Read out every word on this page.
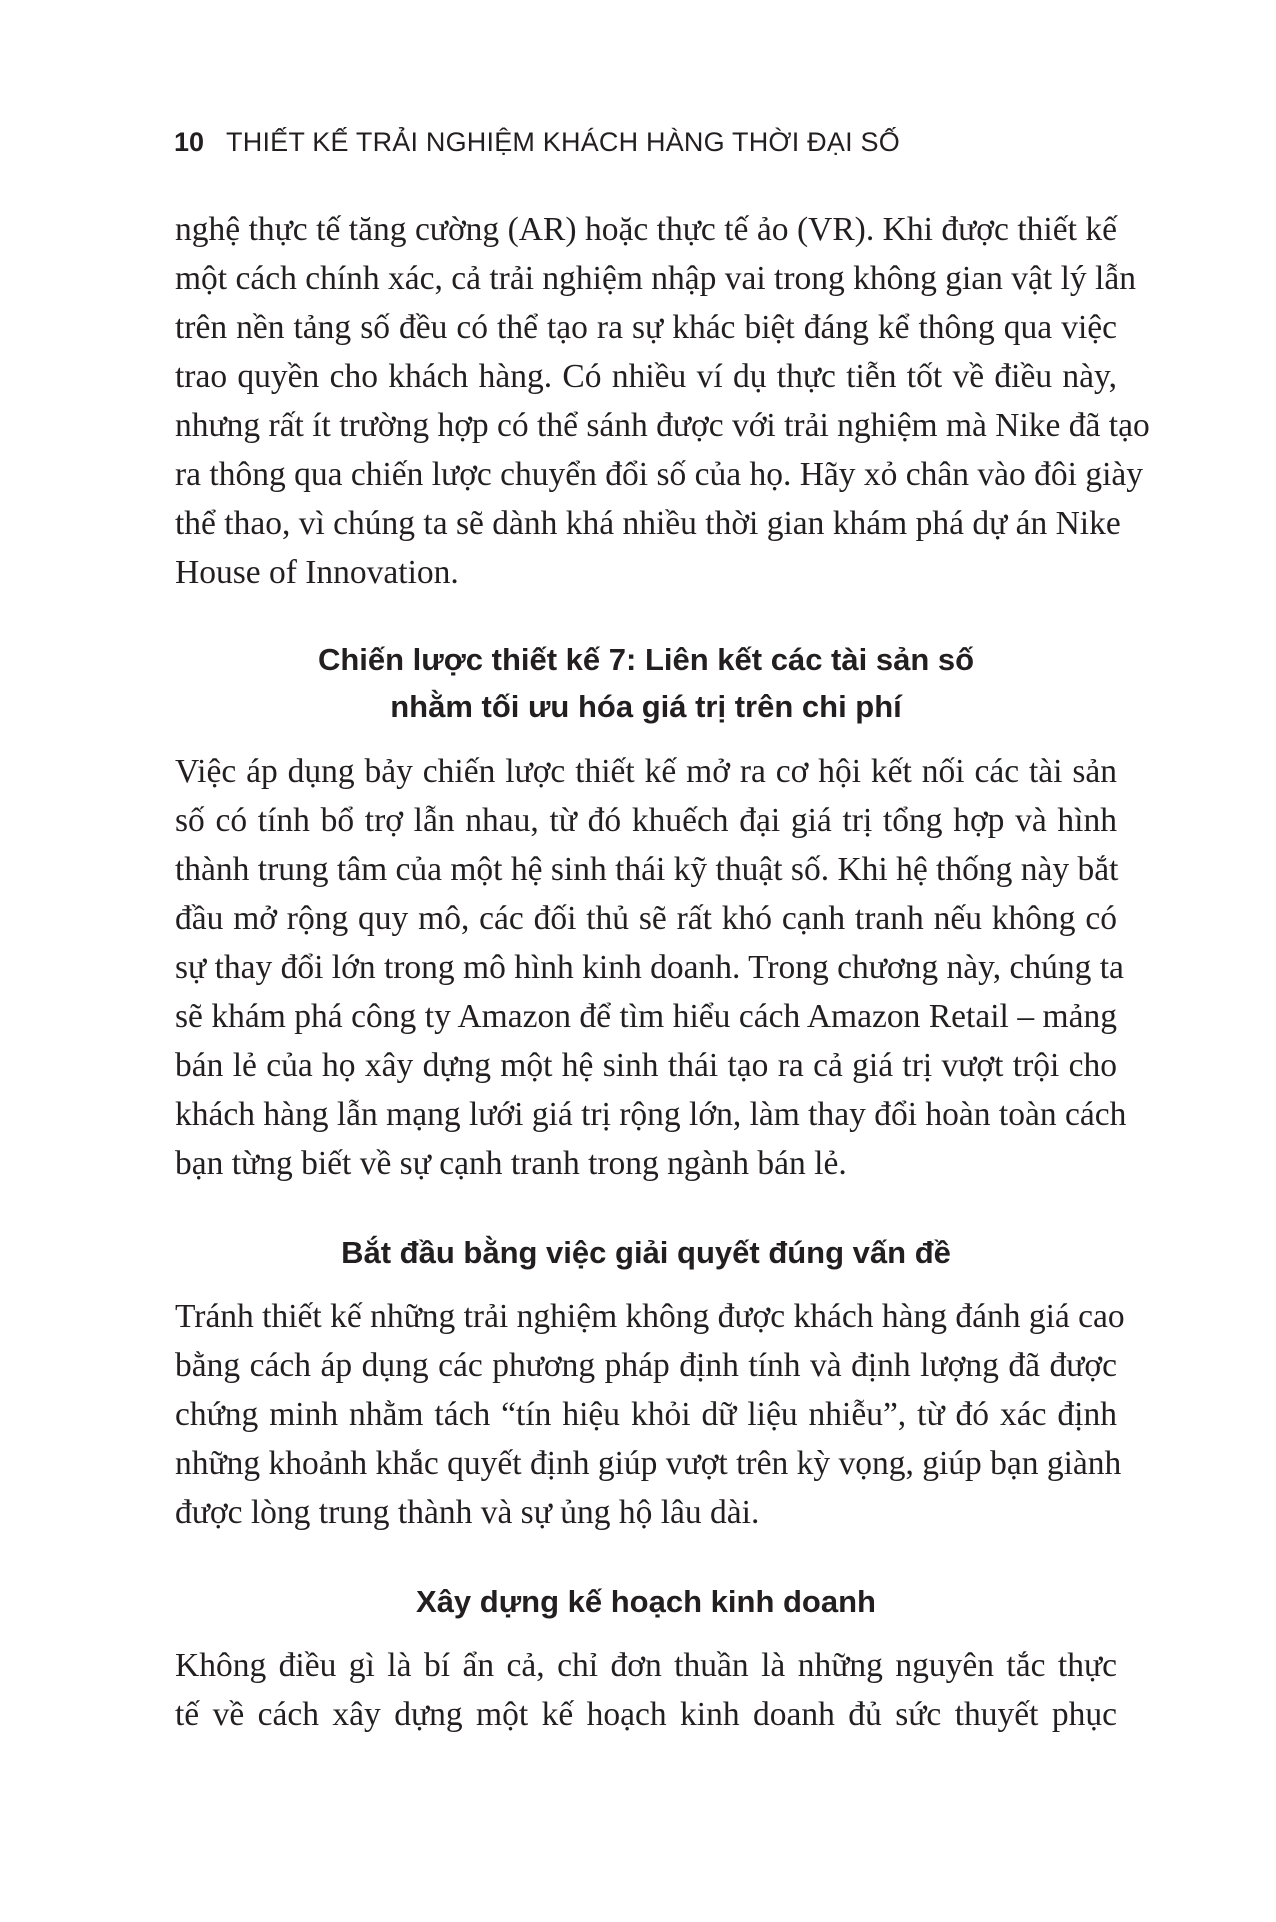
10 THIẾT KẾ TRẢI NGHIỆM KHÁCH HÀNG THỜI ĐẠI SỐ
nghệ thực tế tăng cường (AR) hoặc thực tế ảo (VR). Khi được thiết kế
một cách chính xác, cả trải nghiệm nhập vai trong không gian vật lý lẫn
trên nền tảng số đều có thể tạo ra sự khác biệt đáng kể thông qua việc
trao quyền cho khách hàng. Có nhiều ví dụ thực tiễn tốt về điều này,
nhưng rất ít trường hợp có thể sánh được với trải nghiệm mà Nike đã tạo
ra thông qua chiến lược chuyển đổi số của họ. Hãy xỏ chân vào đôi giày
thể thao, vì chúng ta sẽ dành khá nhiều thời gian khám phá dự án Nike
House of Innovation.
Chiến lược thiết kế 7: Liên kết các tài sản số
nhằm tối ưu hóa giá trị trên chi phí
Việc áp dụng bảy chiến lược thiết kế mở ra cơ hội kết nối các tài sản
số có tính bổ trợ lẫn nhau, từ đó khuếch đại giá trị tổng hợp và hình
thành trung tâm của một hệ sinh thái kỹ thuật số. Khi hệ thống này bắt
đầu mở rộng quy mô, các đối thủ sẽ rất khó cạnh tranh nếu không có
sự thay đổi lớn trong mô hình kinh doanh. Trong chương này, chúng ta
sẽ khám phá công ty Amazon để tìm hiểu cách Amazon Retail – mảng
bán lẻ của họ xây dựng một hệ sinh thái tạo ra cả giá trị vượt trội cho
khách hàng lẫn mạng lưới giá trị rộng lớn, làm thay đổi hoàn toàn cách
bạn từng biết về sự cạnh tranh trong ngành bán lẻ.
Bắt đầu bằng việc giải quyết đúng vấn đề
Tránh thiết kế những trải nghiệm không được khách hàng đánh giá cao
bằng cách áp dụng các phương pháp định tính và định lượng đã được
chứng minh nhằm tách “tín hiệu khỏi dữ liệu nhiễu”, từ đó xác định
những khoảnh khắc quyết định giúp vượt trên kỳ vọng, giúp bạn giành
được lòng trung thành và sự ủng hộ lâu dài.
Xây dựng kế hoạch kinh doanh
Không điều gì là bí ẩn cả, chỉ đơn thuần là những nguyên tắc thực
tế về cách xây dựng một kế hoạch kinh doanh đủ sức thuyết phục
